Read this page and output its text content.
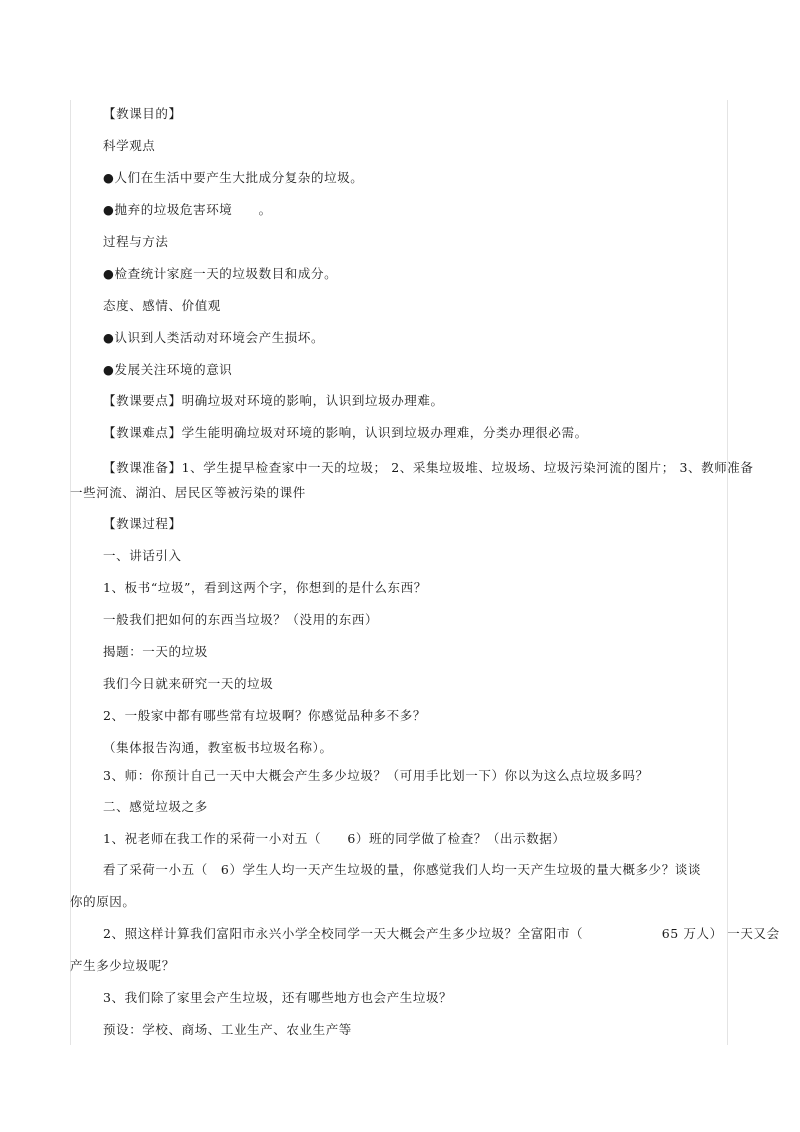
【教课目的】
科学观点
●人们在生活中要产生大批成分复杂的垃圾。
●抛弃的垃圾危害环境　　。
过程与方法
●检查统计家庭一天的垃圾数目和成分。
态度、感情、价值观
●认识到人类活动对环境会产生损坏。
●发展关注环境的意识
【教课要点】明确垃圾对环境的影响，认识到垃圾办理难。
【教课难点】学生能明确垃圾对环境的影响，认识到垃圾办理难，分类办理很必需。
【教课准备】1、学生提早检查家中一天的垃圾； 2、采集垃圾堆、垃圾场、垃圾污染河流的图片； 3、教师准备
一些河流、湖泊、居民区等被污染的课件
【教课过程】
一、讲话引入
1、板书“垃圾”，看到这两个字，你想到的是什么东西？
一般我们把如何的东西当垃圾？（没用的东西）
揭题：一天的垃圾
我们今日就来研究一天的垃圾
2、一般家中都有哪些常有垃圾啊？你感觉品种多不多？
（集体报告沟通，教室板书垃圾名称）。
3、师：你预计自己一天中大概会产生多少垃圾？（可用手比划一下）你以为这么点垃圾多吗？
二、感觉垃圾之多
1、祝老师在我工作的采荷一小对五（　　6）班的同学做了检查？（出示数据）
看了采荷一小五（　6）学生人均一天产生垃圾的量，你感觉我们人均一天产生垃圾的量大概多少？谈谈
你的原因。
2、照这样计算我们富阳市永兴小学全校同学一天大概会产生多少垃圾？全富阳市（　　　　　　65 万人） 一天又会
产生多少垃圾呢？
3、我们除了家里会产生垃圾，还有哪些地方也会产生垃圾？
预设：学校、商场、工业生产、农业生产等
